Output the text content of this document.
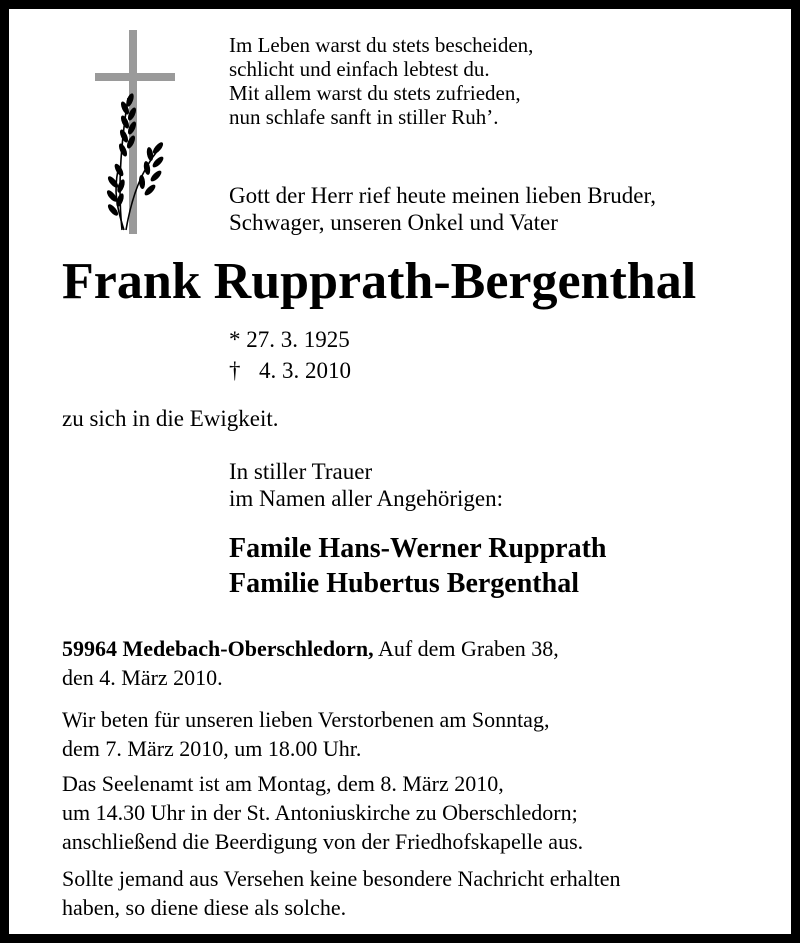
Im Leben warst du stets bescheiden,
schlicht und einfach lebtest du.
Mit allem warst du stets zufrieden,
nun schlafe sanft in stiller Ruh’.
Gott der Herr rief heute meinen lieben Bruder,
Schwager, unseren Onkel und Vater
Frank Rupprath-Bergenthal
* 27. 3. 1925
† 4. 3. 2010
zu sich in die Ewigkeit.
In stiller Trauer
im Namen aller Angehörigen:
Famile Hans-Werner Rupprath
Familie Hubertus Bergenthal
59964 Medebach-Oberschledorn, Auf dem Graben 38,
den 4. März 2010.
Wir beten für unseren lieben Verstorbenen am Sonntag,
dem 7. März 2010, um 18.00 Uhr.
Das Seelenamt ist am Montag, dem 8. März 2010,
um 14.30 Uhr in der St. Antoniuskirche zu Oberschledorn;
anschließend die Beerdigung von der Friedhofskapelle aus.
Sollte jemand aus Versehen keine besondere Nachricht erhalten
haben, so diene diese als solche.
